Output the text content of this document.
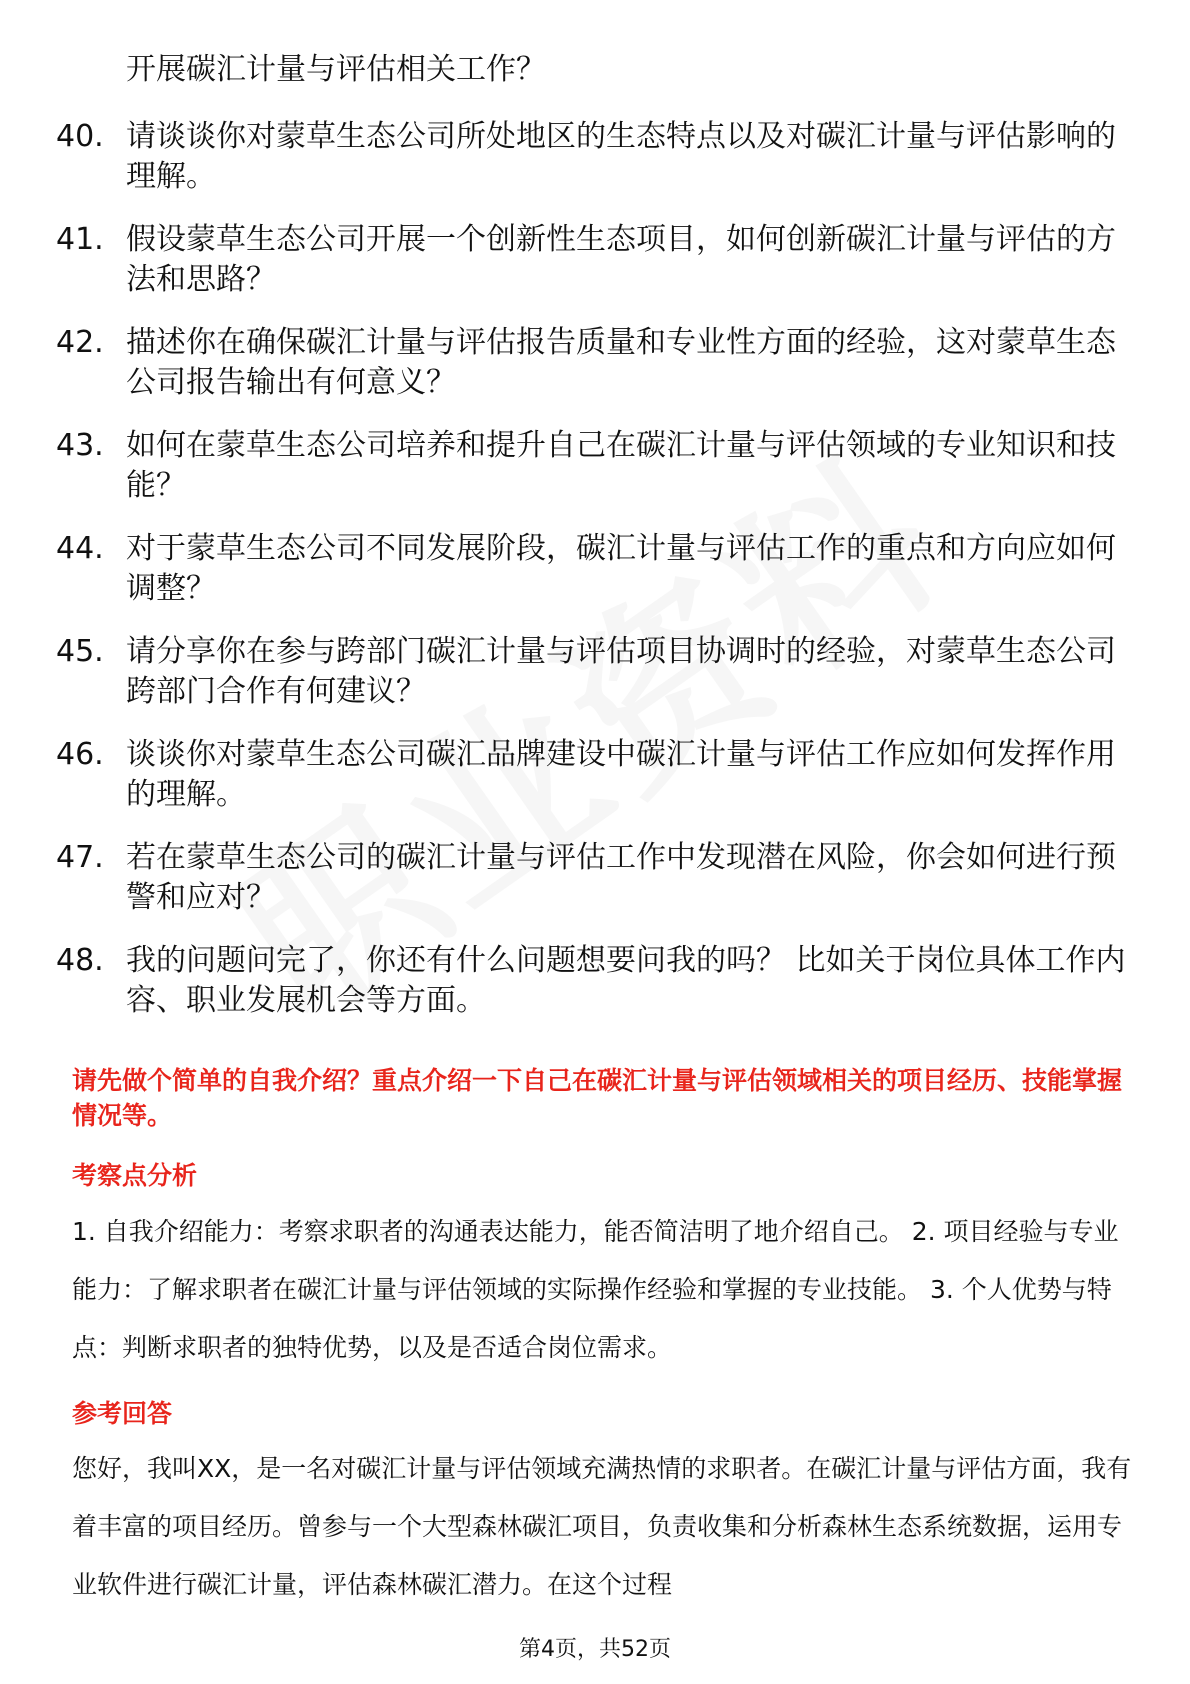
开展碳汇计量与评估相关工作？
40. 请谈谈你对蒙草生态公司所处地区的生态特点以及对碳汇计量与评估影响的理解。
41. 假设蒙草生态公司开展一个创新性生态项目，如何创新碳汇计量与评估的方法和思路？
42. 描述你在确保碳汇计量与评估报告质量和专业性方面的经验，这对蒙草生态公司报告输出有何意义？
43. 如何在蒙草生态公司培养和提升自己在碳汇计量与评估领域的专业知识和技能？
44. 对于蒙草生态公司不同发展阶段，碳汇计量与评估工作的重点和方向应如何调整？
45. 请分享你在参与跨部门碳汇计量与评估项目协调时的经验，对蒙草生态公司跨部门合作有何建议？
46. 谈谈你对蒙草生态公司碳汇品牌建设中碳汇计量与评估工作应如何发挥作用的理解。
47. 若在蒙草生态公司的碳汇计量与评估工作中发现潜在风险，你会如何进行预警和应对？
48. 我的问题问完了，你还有什么问题想要问我的吗？ 比如关于岗位具体工作内容、职业发展机会等方面。
请先做个简单的自我介绍？重点介绍一下自己在碳汇计量与评估领域相关的项目经历、技能掌握情况等。
考察点分析
1. 自我介绍能力：考察求职者的沟通表达能力，能否简洁明了地介绍自己。 2. 项目经验与专业能力：了解求职者在碳汇计量与评估领域的实际操作经验和掌握的专业技能。 3. 个人优势与特点：判断求职者的独特优势，以及是否适合岗位需求。
参考回答
您好，我叫XX，是一名对碳汇计量与评估领域充满热情的求职者。在碳汇计量与评估方面，我有着丰富的项目经历。曾参与一个大型森林碳汇项目，负责收集和分析森林生态系统数据，运用专业软件进行碳汇计量，评估森林碳汇潜力。在这个过程
第4页，共52页
